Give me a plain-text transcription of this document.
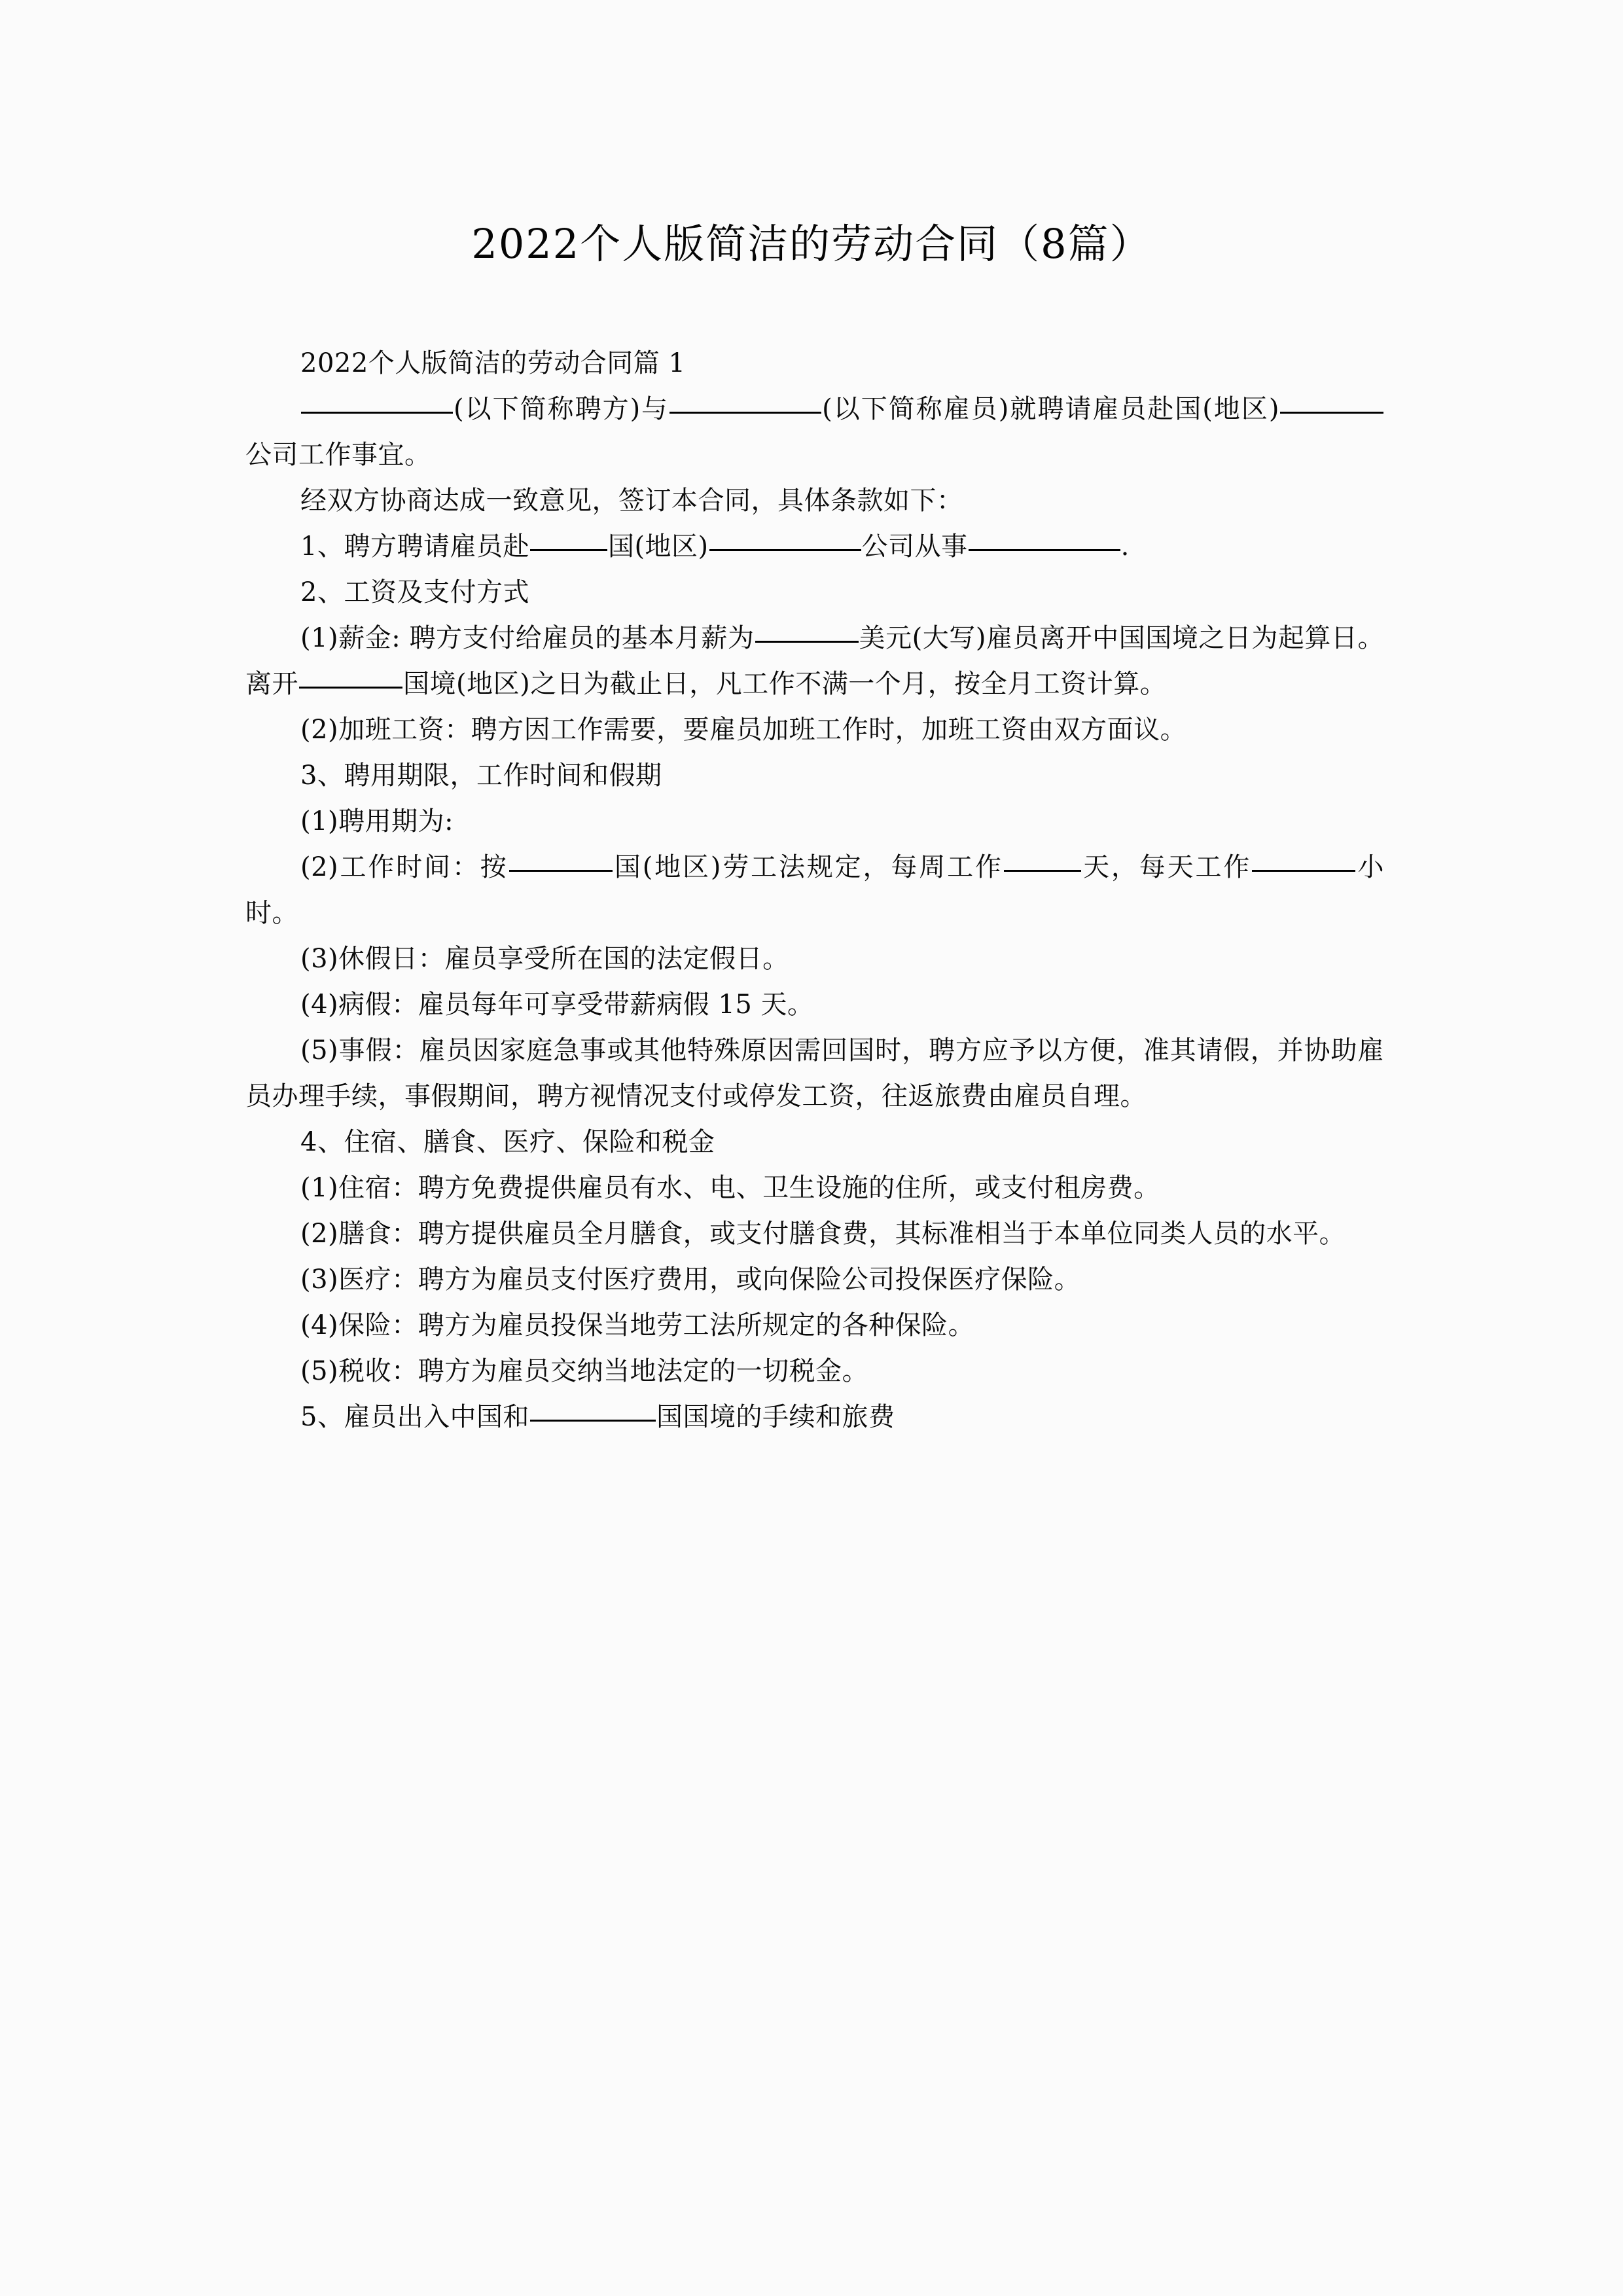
2022个人版简洁的劳动合同（8篇）

2022个人版简洁的劳动合同篇 1

(以下简称聘方)与	(以下简称雇员)就聘请雇员赴国(地区)公司工作事宜。

经双方协商达成一致意见，签订本合同，具体条款如下：

1、聘方聘请雇员赴	国(地区)	公司从事	.

2、工资及支付方式

(1)薪金: 聘方支付给雇员的基本月薪为	美元(大写)雇员离开中国国境之日为起算日。离开	国境(地区)之日为截止日，凡工作不满一个月，按全月工资计算。

(2)加班工资：聘方因工作需要，要雇员加班工作时，加班工资由双方面议。

3、聘用期限，工作时间和假期

(1)聘用期为:

(2)工作时间：按	国(地区)劳工法规定，每周工作	天，每天工作	小时。

(3)休假日：雇员享受所在国的法定假日。

(4)病假：雇员每年可享受带薪病假 15 天。

(5)事假：雇员因家庭急事或其他特殊原因需回国时，聘方应予以方便，准其请假，并协助雇员办理手续，事假期间，聘方视情况支付或停发工资，往返旅费由雇员自理。

4、住宿、膳食、医疗、保险和税金

(1)住宿：聘方免费提供雇员有水、电、卫生设施的住所，或支付租房费。

(2)膳食：聘方提供雇员全月膳食，或支付膳食费，其标准相当于本单位同类人员的水平。

(3)医疗：聘方为雇员支付医疗费用，或向保险公司投保医疗保险。

(4)保险：聘方为雇员投保当地劳工法所规定的各种保险。

(5)税收：聘方为雇员交纳当地法定的一切税金。

5、雇员出入中国和	国国境的手续和旅费
